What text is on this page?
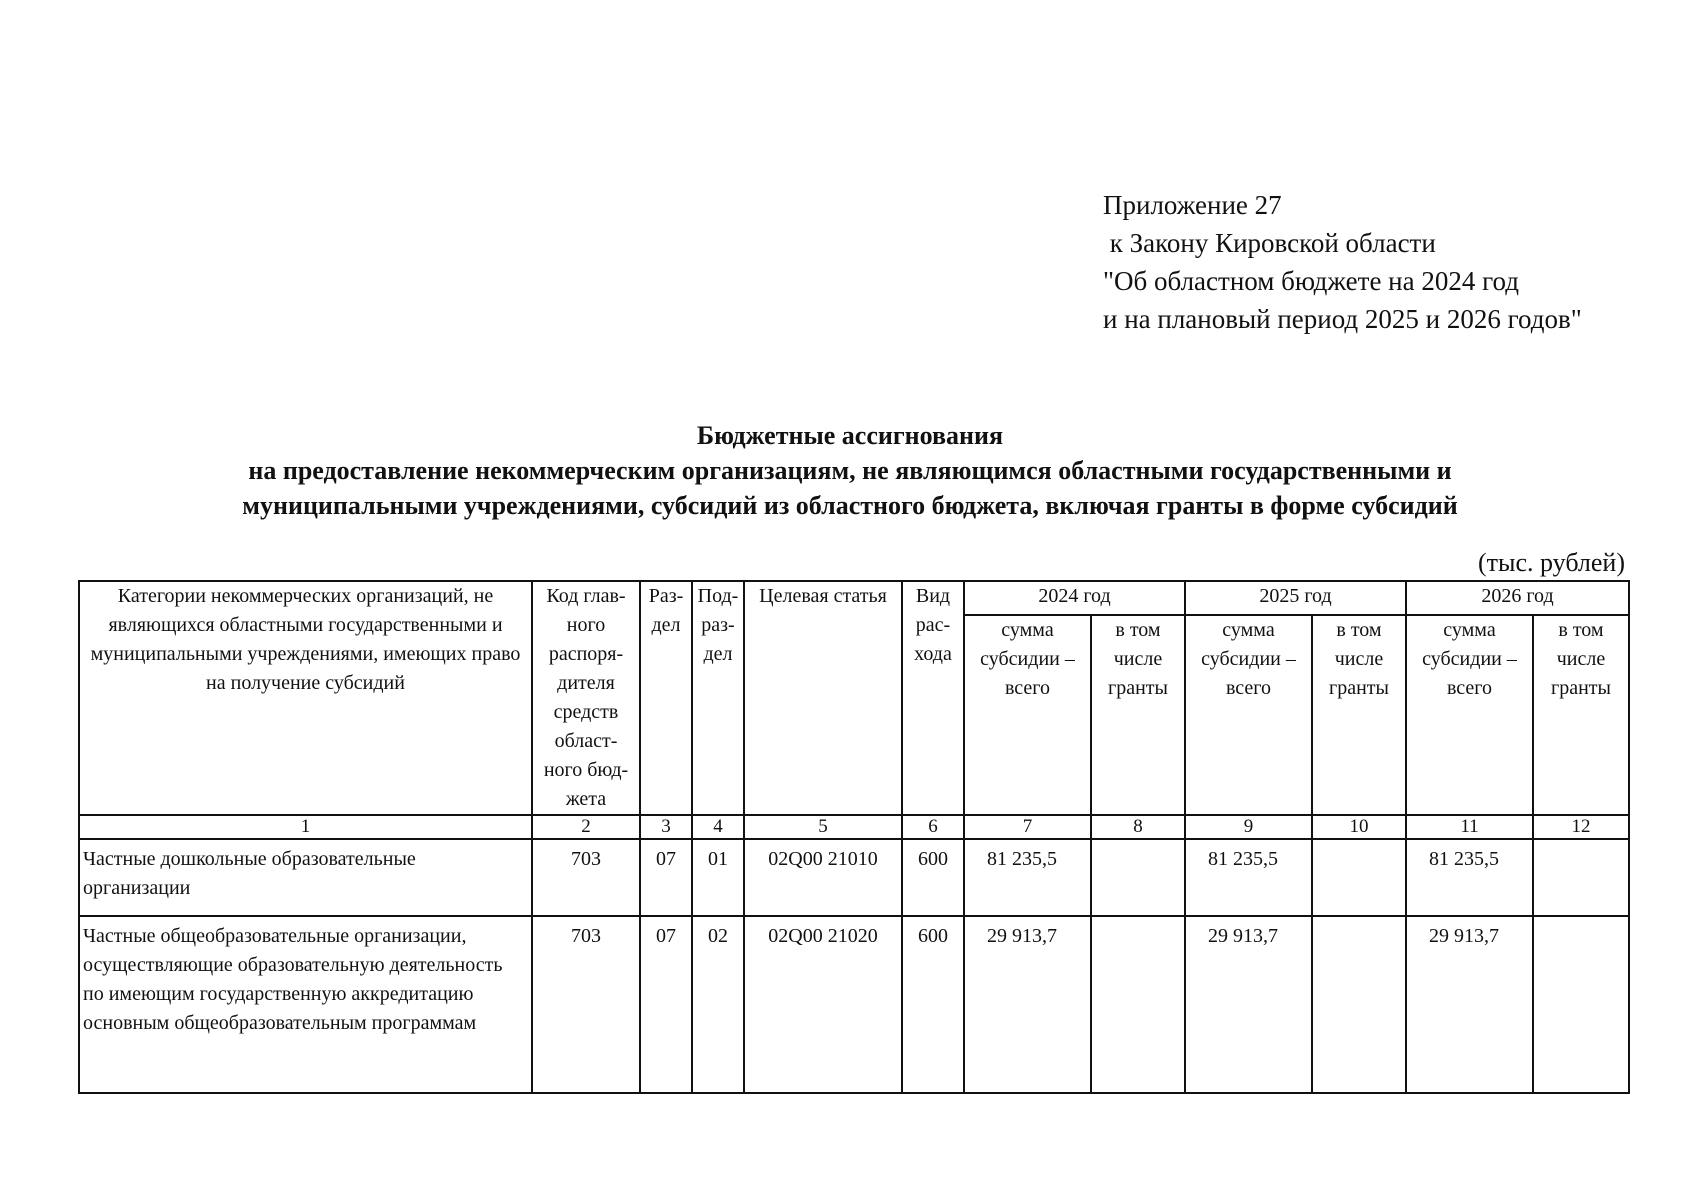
Приложение 27
к Закону Кировской области
"Об областном бюджете на 2024 год
и на плановый период 2025 и 2026 годов"
Бюджетные ассигнования
на предоставление некоммерческим организациям, не являющимся областными государственными и
муниципальными учреждениями, субсидий из областного бюджета, включая гранты в форме субсидий
(тыс. рублей)
Категории некоммерческих организаций, не являющихся областными государственными и муниципальными учреждениями, имеющих право на получение субсидий	Код глав-ного распоря-дителя средств област-ного бюд-жета	Раз-дел	Под-раз-дел	Целевая статья	Вид рас-хода	2024 год		2025 год		2026 год	
						сумма субсидии – всего	в том числе гранты	сумма субсидии – всего	в том числе гранты	сумма субсидии – всего	в том числе гранты
1	2	3	4	5	6	7	8	9	10	11	12
Частные дошкольные образовательные организации	703	07	01	02Q00 21010	600	81 235,5		81 235,5		81 235,5	
Частные общеобразовательные организации, осуществляющие образовательную деятельность по имеющим государственную аккредитацию основным общеобразовательным программам	703	07	02	02Q00 21020	600	29 913,7		29 913,7		29 913,7	
